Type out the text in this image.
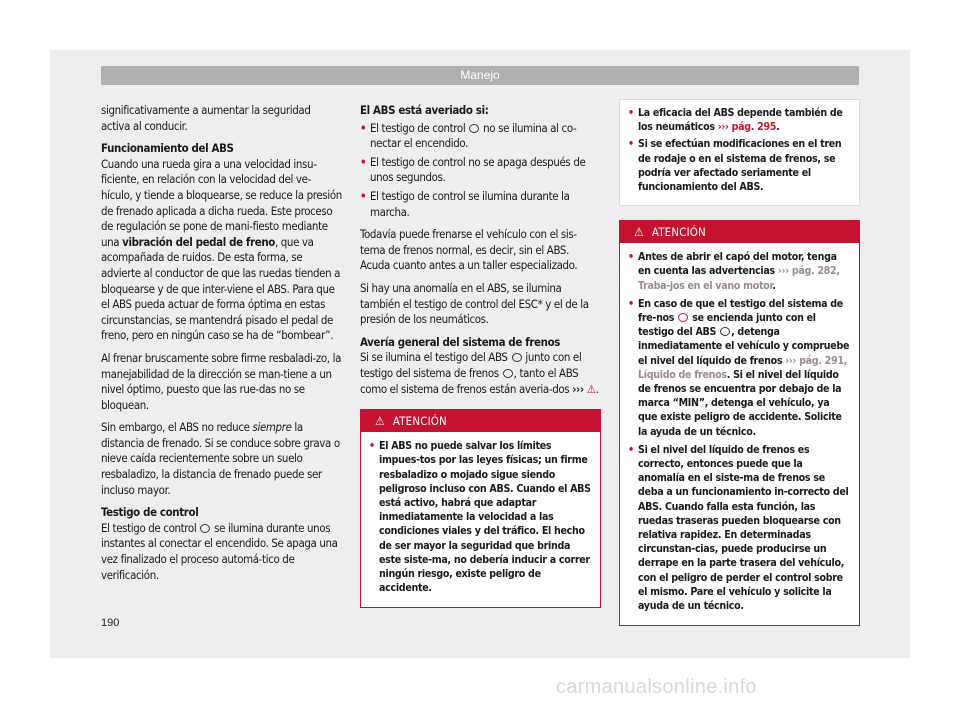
Manejo

significativamente a aumentar la seguridad activa al conducir.

Funcionamiento del ABS

Cuando una rueda gira a una velocidad insu-ficiente, en relación con la velocidad del ve-hículo, y tiende a bloquearse, se reduce la presión de frenado aplicada a dicha rueda. Este proceso de regulación se pone de mani-fiesto mediante una vibración del pedal de freno, que va acompañada de ruidos. De esta forma, se advierte al conductor de que las ruedas tienden a bloquearse y de que inter-viene el ABS. Para que el ABS pueda actuar de forma óptima en estas circunstancias, se mantendrá pisado el pedal de freno, pero en ningún caso se ha de “bombear”.

Al frenar bruscamente sobre firme resbaladi-zo, la manejabilidad de la dirección se man-tiene a un nivel óptimo, puesto que las rue-das no se bloquean.

Sin embargo, el ABS no reduce siempre la distancia de frenado. Si se conduce sobre grava o nieve caída recientemente sobre un suelo resbaladizo, la distancia de frenado puede ser incluso mayor.

Testigo de control

El testigo de control  se ilumina durante unos instantes al conectar el encendido. Se apaga una vez finalizado el proceso automá-tico de verificación.

El ABS está averiado si:

• El testigo de control  no se ilumina al co-nectar el encendido.
• El testigo de control no se apaga después de unos segundos.
• El testigo de control se ilumina durante la marcha.

Todavía puede frenarse el vehículo con el sis-tema de frenos normal, es decir, sin el ABS. Acuda cuanto antes a un taller especializado.

Si hay una anomalía en el ABS, se ilumina también el testigo de control del ESC* y el de la presión de los neumáticos.

Avería general del sistema de frenos

Si se ilumina el testigo del ABS  junto con el testigo del sistema de frenos , tanto el ABS como el sistema de frenos están averia-dos ››› ⚠.

⚠ ATENCIÓN
• El ABS no puede salvar los límites impues-tos por las leyes físicas; un firme resbaladizo o mojado sigue siendo peligroso incluso con ABS. Cuando el ABS está activo, habrá que adaptar inmediatamente la velocidad a las condiciones viales y del tráfico. El hecho de ser mayor la seguridad que brinda este siste-ma, no debería inducir a correr ningún riesgo, existe peligro de accidente.
• La eficacia del ABS depende también de los neumáticos ››› pág. 295.
• Si se efectúan modificaciones en el tren de rodaje o en el sistema de frenos, se podría ver afectado seriamente el funcionamiento del ABS.
⚠ ATENCIÓN
• Antes de abrir el capó del motor, tenga en cuenta las advertencias ››› pág. 282, Traba-jos en el vano motor.
• En caso de que el testigo del sistema de fre-nos  se encienda junto con el testigo del ABS , detenga inmediatamente el vehículo y compruebe el nivel del líquido de frenos ››› pág. 291, Líquido de frenos. Si el nivel del líquido de frenos se encuentra por debajo de la marca “MIN”, detenga el vehículo, ya que existe peligro de accidente. Solicite la ayuda de un técnico.
• Si el nivel del líquido de frenos es correcto, entonces puede que la anomalía en el siste-ma de frenos se deba a un funcionamiento in-correcto del ABS. Cuando falla esta función, las ruedas traseras pueden bloquearse con relativa rapidez. En determinadas circunstan-cias, puede producirse un derrape en la parte trasera del vehículo, con el peligro de perder el control sobre el mismo. Pare el vehículo y solicite la ayuda de un técnico.
190
carmanualsonline.info
